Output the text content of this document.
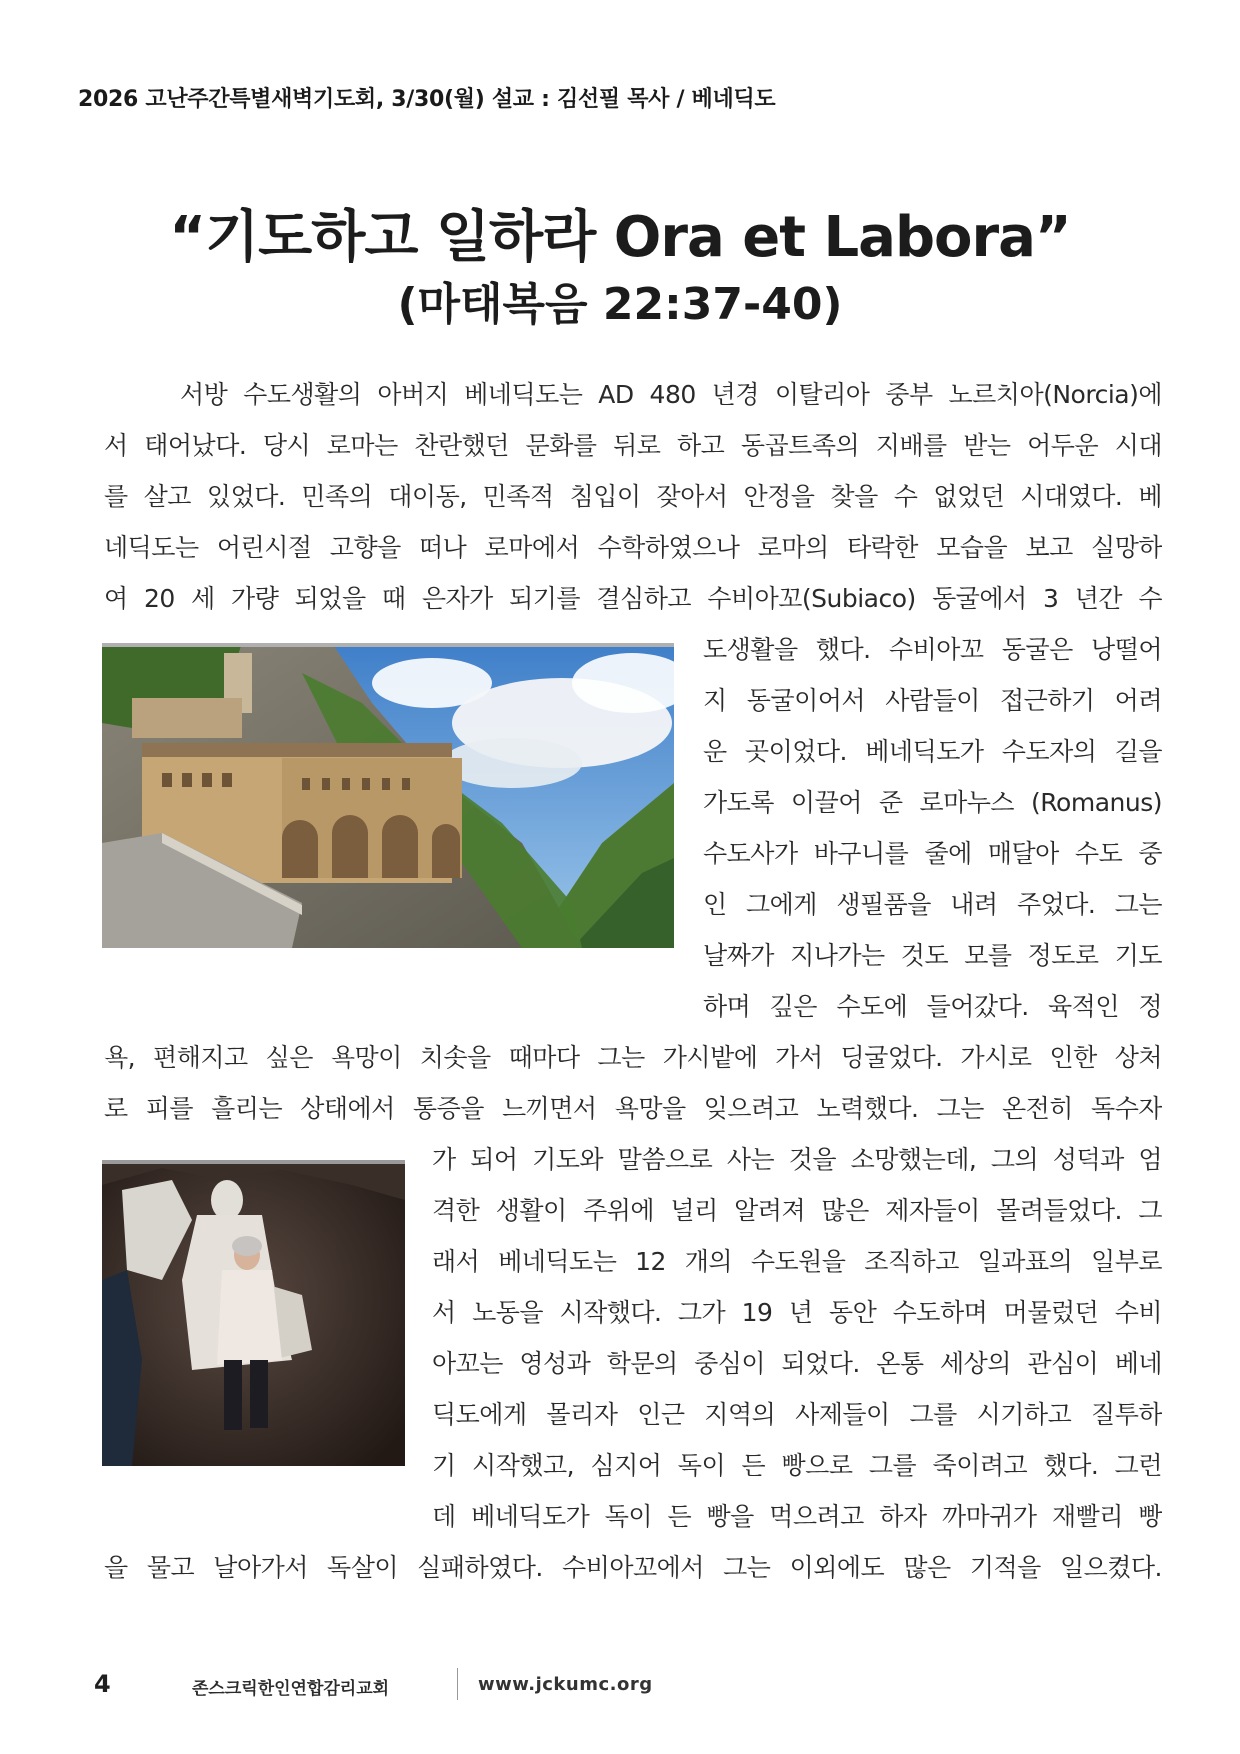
2026 고난주간특별새벽기도회, 3/30(월) 설교 : 김선필 목사 / 베네딕도
“기도하고 일하라 Ora et Labora”
(마태복음 22:37-40)
서방 수도생활의 아버지 베네딕도는 AD 480 년경 이탈리아 중부 노르치아(Norcia)에
서 태어났다. 당시 로마는 찬란했던 문화를 뒤로 하고 동곱트족의 지배를 받는 어두운 시대
를 살고 있었다. 민족의 대이동, 민족적 침입이 잦아서 안정을 찾을 수 없었던 시대였다. 베
네딕도는 어린시절 고향을 떠나 로마에서 수학하였으나 로마의 타락한 모습을 보고 실망하
여 20 세 가량 되었을 때 은자가 되기를 결심하고 수비아꼬(Subiaco) 동굴에서 3 년간 수
도생활을 했다. 수비아꼬 동굴은 낭떨어
지 동굴이어서 사람들이 접근하기 어려
운 곳이었다. 베네딕도가 수도자의 길을
가도록 이끌어 준 로마누스 (Romanus)
수도사가 바구니를 줄에 매달아 수도 중
인 그에게 생필품을 내려 주었다. 그는
날짜가 지나가는 것도 모를 정도로 기도
하며 깊은 수도에 들어갔다. 육적인 정
욕, 편해지고 싶은 욕망이 치솟을 때마다 그는 가시밭에 가서 딩굴었다. 가시로 인한 상처
로 피를 흘리는 상태에서 통증을 느끼면서 욕망을 잊으려고 노력했다. 그는 온전히 독수자
가 되어 기도와 말씀으로 사는 것을 소망했는데, 그의 성덕과 엄
격한 생활이 주위에 널리 알려져 많은 제자들이 몰려들었다. 그
래서 베네딕도는 12 개의 수도원을 조직하고 일과표의 일부로
서 노동을 시작했다. 그가 19 년 동안 수도하며 머물렀던 수비
아꼬는 영성과 학문의 중심이 되었다. 온통 세상의 관심이 베네
딕도에게 몰리자 인근 지역의 사제들이 그를 시기하고 질투하
기 시작했고, 심지어 독이 든 빵으로 그를 죽이려고 했다. 그런
데 베네딕도가 독이 든 빵을 먹으려고 하자 까마귀가 재빨리 빵
을 물고 날아가서 독살이 실패하였다. 수비아꼬에서 그는 이외에도 많은 기적을 일으켰다.
4	존스크릭한인연합감리교회	www.jckumc.org
